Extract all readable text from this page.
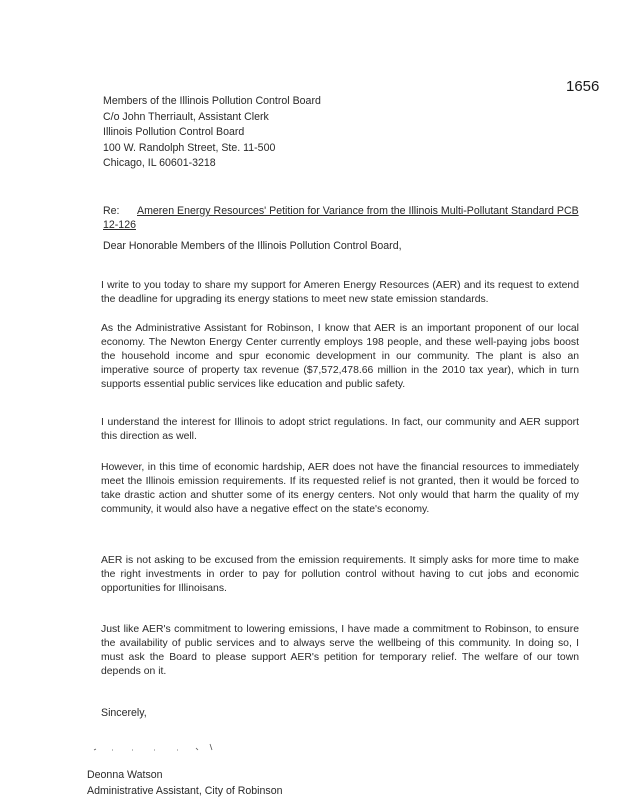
1656
Members of the Illinois Pollution Control Board
C/o John Therriault, Assistant Clerk
Illinois Pollution Control Board
100 W. Randolph Street, Ste. 11-500
Chicago, IL 60601-3218
Re: Ameren Energy Resources' Petition for Variance from the Illinois Multi-Pollutant Standard PCB 12-126
Dear Honorable Members of the Illinois Pollution Control Board,
I write to you today to share my support for Ameren Energy Resources (AER) and its request to extend the deadline for upgrading its energy stations to meet new state emission standards.
As the Administrative Assistant for Robinson, I know that AER is an important proponent of our local economy. The Newton Energy Center currently employs 198 people, and these well-paying jobs boost the household income and spur economic development in our community. The plant is also an imperative source of property tax revenue ($7,572,478.66 million in the 2010 tax year), which in turn supports essential public services like education and public safety.
I understand the interest for Illinois to adopt strict regulations. In fact, our community and AER support this direction as well.
However, in this time of economic hardship, AER does not have the financial resources to immediately meet the Illinois emission requirements. If its requested relief is not granted, then it would be forced to take drastic action and shutter some of its energy centers. Not only would that harm the quality of my community, it would also have a negative effect on the state's economy.
AER is not asking to be excused from the emission requirements. It simply asks for more time to make the right investments in order to pay for pollution control without having to cut jobs and economic opportunities for Illinoisans.
Just like AER's commitment to lowering emissions, I have made a commitment to Robinson, to ensure the availability of public services and to always serve the wellbeing of this community. In doing so, I must ask the Board to please support AER's petition for temporary relief. The welfare of our town depends on it.
Sincerely,
Deonna Watson
Administrative Assistant, City of Robinson
